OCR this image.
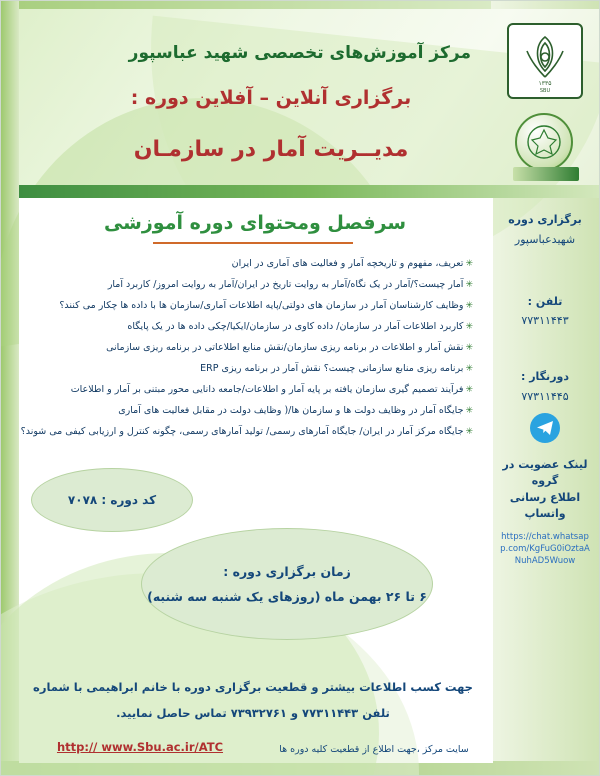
مرکز آموزش‌های تخصصی شهید عباسپور
برگزاری آنلاین – آفلاین دوره :
مدیــریت آمار در سازمـان
۱۳۳۵
SBU
سرفصل ومحتوای دوره آموزشی
✳تعریف، مفهوم و تاریخچه آمار و فعالیت های آماری در ایران
✳آمار چیست؟/آمار در یک نگاه/آمار به روایت تاریخ در ایران/آمار به روایت امروز/ کاربرد آمار
✳وظایف کارشناسان آمار در سازمان های دولتی/پایه اطلاعات آماری/سازمان ها با داده ها چکار می کنند؟
✳کاربرد اطلاعات آمار در سازمان/ داده کاوی در سازمان/ایکیا/چکی داده ها در یک پایگاه
✳نقش آمار و اطلاعات در برنامه ریزی سازمان/نقش منابع اطلاعاتی در برنامه ریزی سازمانی
✳برنامه ریزی منابع سازمانی چیست؟ نقش آمار در برنامه ریزی ERP
✳فرآیند تصمیم گیری سازمان یافته بر پایه آمار و اطلاعات/جامعه دانایی محور مبتنی بر آمار و اطلاعات
✳جایگاه آمار در وظایف دولت ها و سازمان ها/( وظایف دولت در مقابل فعالیت های آماری
✳جایگاه مرکز آمار در ایران/ جایگاه آمارهای رسمی/ تولید آمارهای رسمی، چگونه کنترل و ارزیابی کیفی می شوند؟
کد دوره : ۷۰۷۸
زمان برگزاری دوره :
۶ تا ۲۶ بهمن ماه (روزهای یک شنبه سه شنبه)
جهت کسب اطلاعات بیشتر و قطعیت برگزاری دوره با خانم ابراهیمی با شماره
تلفن ۷۷۳۱۱۴۴۳ و ۷۳۹۳۲۷۶۱ تماس حاصل نمایید.
http:// www.Sbu.ac.ir/ATC	سایت مرکز ،جهت اطلاع از قطعیت کلیه دوره ها
برگزاری دوره
شهیدعباسپور
تلفن :
۷۷۳۱۱۴۴۳
دورنگار :
۷۷۳۱۱۴۴۵
لینک عضویت در گروه
اطلاع رسانی واتساپ
https://chat.whatsapp.com/KgFuG0iOztaANuhAD5Wuow
